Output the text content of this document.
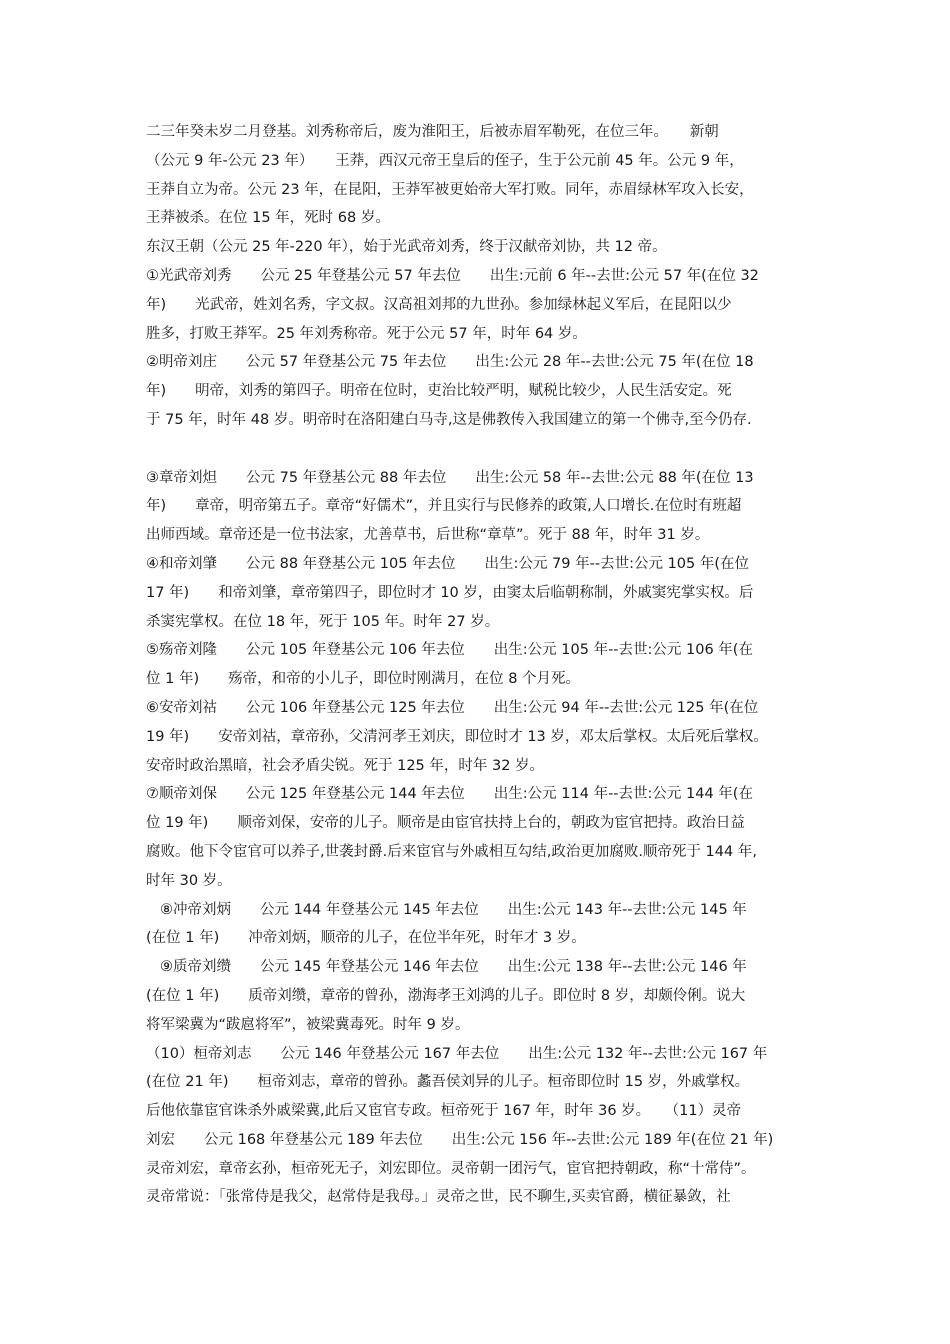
二三年癸未岁二月登基。刘秀称帝后，废为淮阳王，后被赤眉军勒死，在位三年。　　新朝
（公元 9 年-公元 23 年）　　王莽，西汉元帝王皇后的侄子，生于公元前 45 年。公元 9 年，
王莽自立为帝。公元 23 年，在昆阳，王莽军被更始帝大军打败。同年，赤眉绿林军攻入长安，
王莽被杀。在位 15 年，死时 68 岁。
东汉王朝（公元 25 年-220 年），始于光武帝刘秀，终于汉献帝刘协，共 12 帝。
①光武帝刘秀　　公元 25 年登基公元 57 年去位　　出生:元前 6 年--去世:公元 57 年(在位 32
年)　　光武帝，姓刘名秀，字文叔。汉高祖刘邦的九世孙。参加绿林起义军后，在昆阳以少
胜多，打败王莽军。25 年刘秀称帝。死于公元 57 年，时年 64 岁。
②明帝刘庄　　公元 57 年登基公元 75 年去位　　出生:公元 28 年--去世:公元 75 年(在位 18
年)　　明帝，刘秀的第四子。明帝在位时，吏治比较严明，赋税比较少，人民生活安定。死
于 75 年，时年 48 岁。明帝时在洛阳建白马寺,这是佛教传入我国建立的第一个佛寺,至今仍存.
③章帝刘炟　　公元 75 年登基公元 88 年去位　　出生:公元 58 年--去世:公元 88 年(在位 13
年)　　章帝，明帝第五子。章帝“好儒术”，并且实行与民修养的政策,人口增长.在位时有班超
出师西域。章帝还是一位书法家，尤善草书，后世称“章草”。死于 88 年，时年 31 岁。
④和帝刘肇　　公元 88 年登基公元 105 年去位　　出生:公元 79 年--去世:公元 105 年(在位
17 年)　　和帝刘肇，章帝第四子，即位时才 10 岁，由窦太后临朝称制，外戚窦宪掌实权。后
杀窦宪掌权。在位 18 年，死于 105 年。时年 27 岁。
⑤殇帝刘隆　　公元 105 年登基公元 106 年去位　　出生:公元 105 年--去世:公元 106 年(在
位 1 年)　　殇帝，和帝的小儿子，即位时刚满月，在位 8 个月死。
⑥安帝刘祜　　公元 106 年登基公元 125 年去位　　出生:公元 94 年--去世:公元 125 年(在位
19 年)　　安帝刘祜，章帝孙，父清河孝王刘庆，即位时才 13 岁，邓太后掌权。太后死后掌权。
安帝时政治黑暗，社会矛盾尖锐。死于 125 年，时年 32 岁。
⑦顺帝刘保　　公元 125 年登基公元 144 年去位　　出生:公元 114 年--去世:公元 144 年(在
位 19 年)　　顺帝刘保，安帝的儿子。顺帝是由宦官扶持上台的，朝政为宦官把持。政治日益
腐败。他下令宦官可以养子,世袭封爵.后来宦官与外戚相互勾结,政治更加腐败.顺帝死于 144 年,
时年 30 岁。
⑧冲帝刘炳　　公元 144 年登基公元 145 年去位　　出生:公元 143 年--去世:公元 145 年
(在位 1 年)　　冲帝刘炳，顺帝的儿子，在位半年死，时年才 3 岁。
⑨质帝刘缵　　公元 145 年登基公元 146 年去位　　出生:公元 138 年--去世:公元 146 年
(在位 1 年)　　质帝刘缵，章帝的曾孙，渤海孝王刘鸿的儿子。即位时 8 岁，却颇伶俐。说大
将军梁冀为“跋扈将军”，被梁冀毒死。时年 9 岁。
（10）桓帝刘志　　公元 146 年登基公元 167 年去位　　出生:公元 132 年--去世:公元 167 年
(在位 21 年)　　桓帝刘志，章帝的曾孙。蠡吾侯刘异的儿子。桓帝即位时 15 岁，外戚掌权。
后他依靠宦官诛杀外戚梁冀,此后又宦官专政。桓帝死于 167 年，时年 36 岁。　　（11）灵帝
刘宏　　公元 168 年登基公元 189 年去位　　出生:公元 156 年--去世:公元 189 年(在位 21 年)
灵帝刘宏，章帝玄孙，桓帝死无子，刘宏即位。灵帝朝一团污气，宦官把持朝政，称“十常侍”。
灵帝常说：「张常侍是我父，赵常侍是我母。」灵帝之世，民不聊生,买卖官爵，横征暴敛，社
